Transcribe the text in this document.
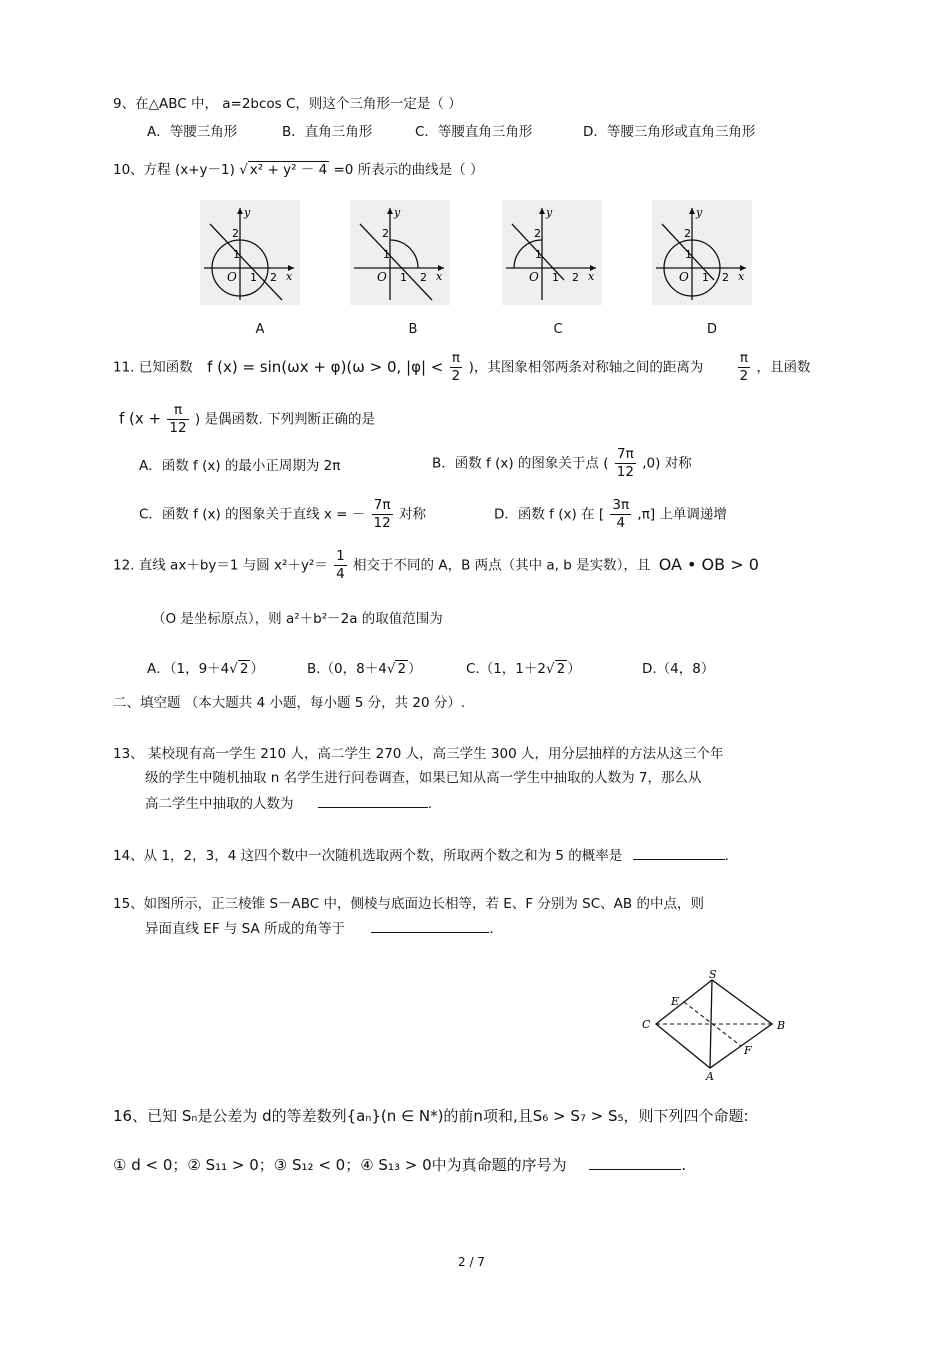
9、在△ABC 中， a=2bcos C，则这个三角形一定是（ ）
A．等腰三角形	B．直角三角形	C．等腰直角三角形	D．等腰三角形或直角三角形
10、方程 (x+y－1) √ x² + y² － 4 =0 所表示的曲线是（ ）
y
x
O
2
1
1 2
y
x
O
2
1
1 2
y
x
O
2
1
1 2
y
x
O
2
1
1 2
A	B	C	D
11. 已知函数 f (x) = sin(ωx + φ)(ω > 0, $|\varphi| < \frac{\pi}{2}$ )，其图象相邻两条对称轴之间的距离为	$\frac{\pi}{2}$ ，且函数
f ($x + \frac{\pi}{12}$ ) 是偶函数. 下列判断正确的是
A．函数 f (x) 的最小正周期为 2π	B．函数 f (x) 的图象关于点 ( $\frac{7\pi}{12} ,0$) 对称
C．函数 f (x) 的图象关于直线 x = － $\frac{7\pi}{12}$ 对称	D．函数 f (x) 在 [ $\frac{3\pi}{4} ,\pi$] 上单调递增
12. 直线 ax＋by＝1 与圆 $x^2+y^2= \frac{1}{4}$ 相交于不同的 A，B 两点（其中 a, b 是实数），且 OA • OB > 0
（O 是坐标原点），则 a²＋b²－2a 的取值范围为
A．（1，9＋4√ 2 ）	B.（0，8＋4√ 2 ）	C.（1，1＋2√ 2 ）	D.（4，8）
二、填空题 （本大题共 4 小题，每小题 5 分，共 20 分）.
13、 某校现有高一学生 210 人，高二学生 270 人，高三学生 300 人，用分层抽样的方法从这三个年
级的学生中随机抽取 n 名学生进行问卷调查，如果已知从高一学生中抽取的人数为 7，那么从
高二学生中抽取的人数为	.
14、从 1，2，3，4 这四个数中一次随机选取两个数，所取两个数之和为 5 的概率是	.
15、如图所示，正三棱锥 S－ABC 中，侧棱与底面边长相等，若 E、F 分别为 SC、AB 的中点，则
异面直线 EF 与 SA 所成的角等于	.
S
E
C	B
F
A
16、已知 Sₙ是公差为 d的等差数列{aₙ}(n ∈ N*)的前n项和,且S₆ > S₇ > S₅，则下列四个命题:
① d < 0；② S₁₁ > 0；③ S₁₂ < 0；④ S₁₃ > 0中为真命题的序号为	.
2 / 7
